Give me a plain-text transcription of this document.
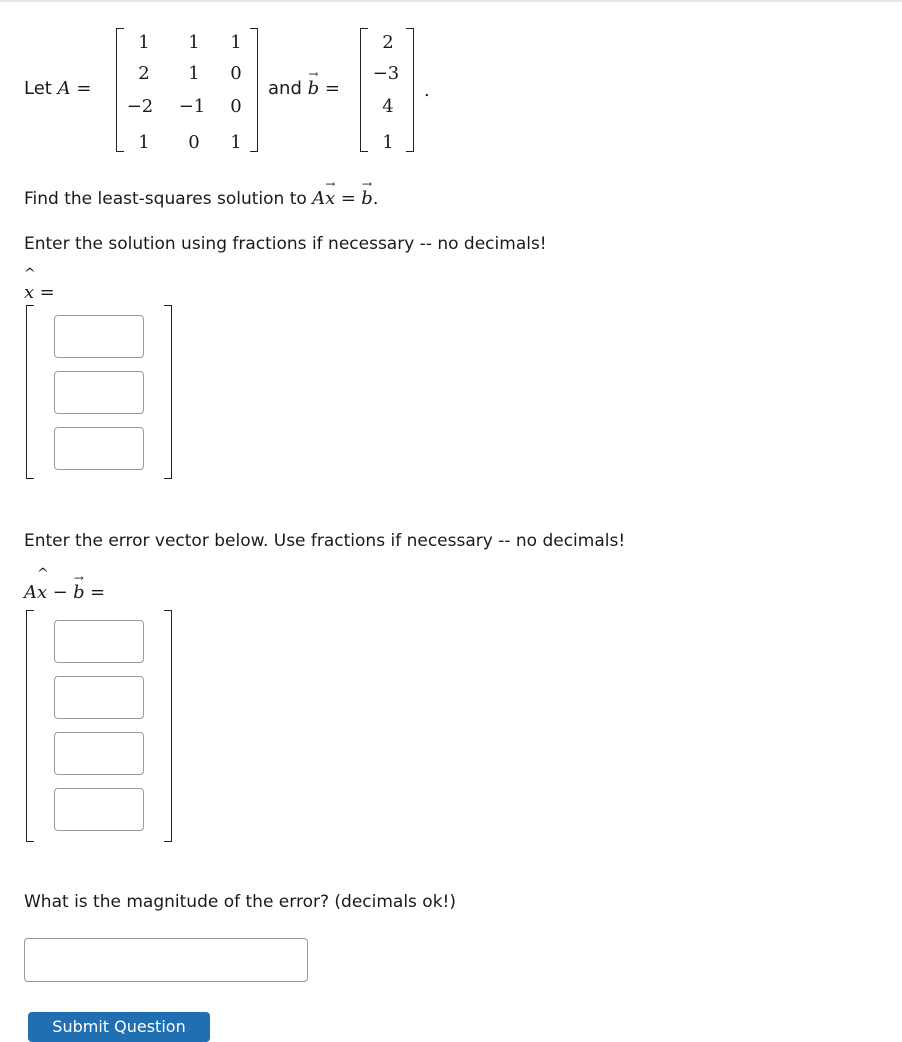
Let A =
1	1	1
2	1	0
−2	−1	0
1	0	1
and
→
b =
2
−3
4
1
.
Find the least-squares solution to A
→
x =
→
b.
Enter the solution using fractions if necessary -- no decimals!
^
x =
Enter the error vector below. Use fractions if necessary -- no decimals!
A
^
x −
→
b =
What is the magnitude of the error? (decimals ok!)
Submit Question
